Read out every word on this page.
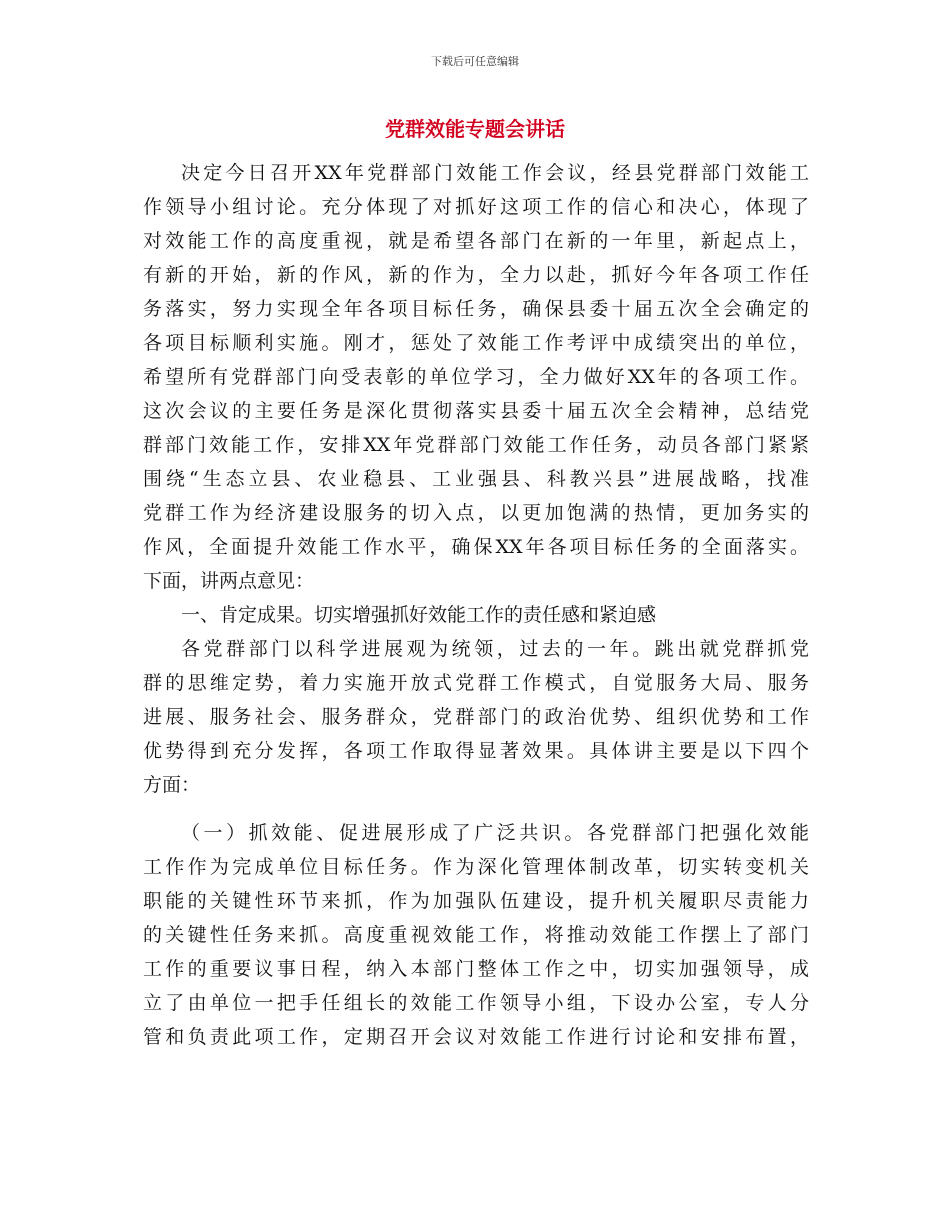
下载后可任意编辑
党群效能专题会讲话
决定今日召开XX年党群部门效能工作会议，经县党群部门效能工
作领导小组讨论。充分体现了对抓好这项工作的信心和决心，体现了
对效能工作的高度重视，就是希望各部门在新的一年里，新起点上，
有新的开始，新的作风，新的作为，全力以赴，抓好今年各项工作任
务落实，努力实现全年各项目标任务，确保县委十届五次全会确定的
各项目标顺利实施。刚才，惩处了效能工作考评中成绩突出的单位，
希望所有党群部门向受表彰的单位学习，全力做好XX年的各项工作。
这次会议的主要任务是深化贯彻落实县委十届五次全会精神，总结党
群部门效能工作，安排XX年党群部门效能工作任务，动员各部门紧紧
围绕“生态立县、农业稳县、工业强县、科教兴县”进展战略，找准
党群工作为经济建设服务的切入点，以更加饱满的热情，更加务实的
作风，全面提升效能工作水平，确保XX年各项目标任务的全面落实。
下面，讲两点意见：
一、肯定成果。切实增强抓好效能工作的责任感和紧迫感
各党群部门以科学进展观为统领，过去的一年。跳出就党群抓党
群的思维定势，着力实施开放式党群工作模式，自觉服务大局、服务
进展、服务社会、服务群众，党群部门的政治优势、组织优势和工作
优势得到充分发挥，各项工作取得显著效果。具体讲主要是以下四个
方面：
（一）抓效能、促进展形成了广泛共识。各党群部门把强化效能
工作作为完成单位目标任务。作为深化管理体制改革，切实转变机关
职能的关键性环节来抓，作为加强队伍建设，提升机关履职尽责能力
的关键性任务来抓。高度重视效能工作，将推动效能工作摆上了部门
工作的重要议事日程，纳入本部门整体工作之中，切实加强领导，成
立了由单位一把手任组长的效能工作领导小组，下设办公室，专人分
管和负责此项工作，定期召开会议对效能工作进行讨论和安排布置，
